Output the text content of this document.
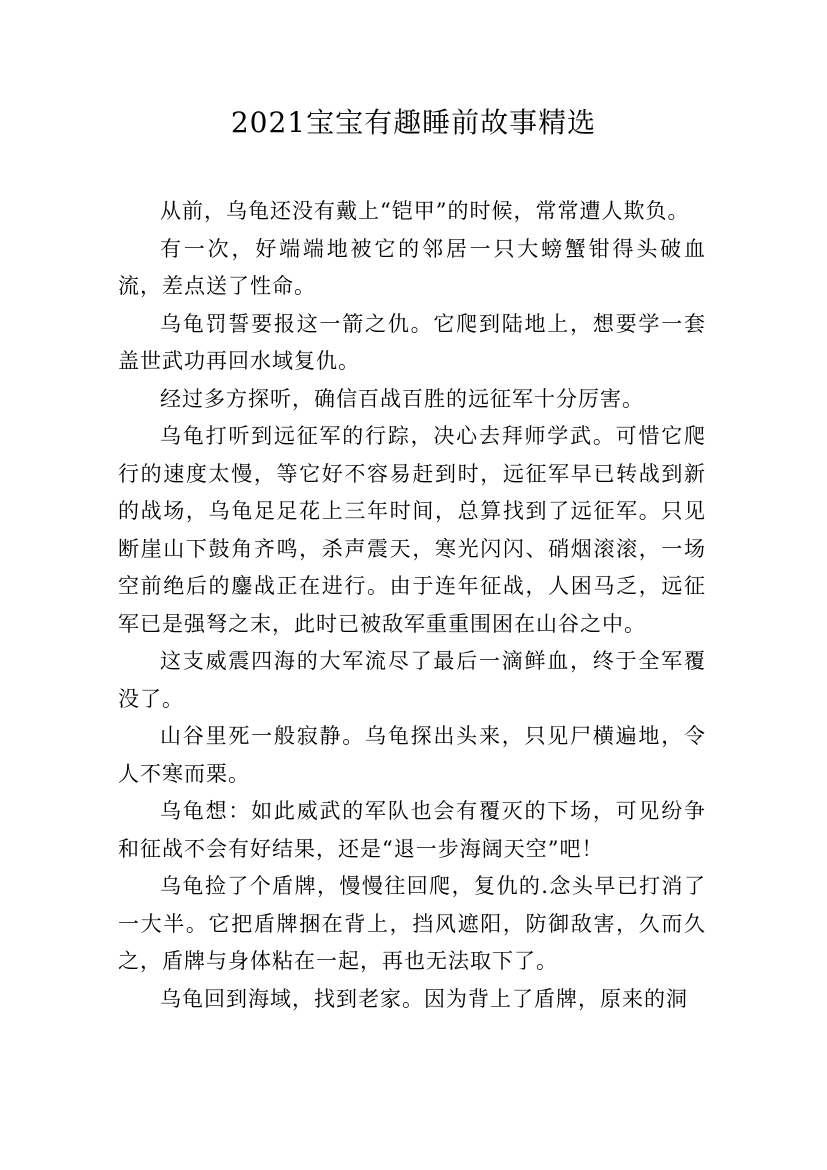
2021宝宝有趣睡前故事精选

从前，乌龟还没有戴上“铠甲”的时候，常常遭人欺负。

有一次，好端端地被它的邻居一只大螃蟹钳得头破血流，差点送了性命。

乌龟罚誓要报这一箭之仇。它爬到陆地上，想要学一套盖世武功再回水域复仇。

经过多方探听，确信百战百胜的远征军十分厉害。

乌龟打听到远征军的行踪，决心去拜师学武。可惜它爬行的速度太慢，等它好不容易赶到时，远征军早已转战到新的战场，乌龟足足花上三年时间，总算找到了远征军。只见断崖山下鼓角齐鸣，杀声震天，寒光闪闪、硝烟滚滚，一场空前绝后的鏖战正在进行。由于连年征战，人困马乏，远征军已是强弩之末，此时已被敌军重重围困在山谷之中。

这支威震四海的大军流尽了最后一滴鲜血，终于全军覆没了。

山谷里死一般寂静。乌龟探出头来，只见尸横遍地，令人不寒而栗。

乌龟想：如此威武的军队也会有覆灭的下场，可见纷争和征战不会有好结果，还是“退一步海阔天空”吧！

乌龟捡了个盾牌，慢慢往回爬，复仇的.念头早已打消了一大半。它把盾牌捆在背上，挡风遮阳，防御敌害，久而久之，盾牌与身体粘在一起，再也无法取下了。

乌龟回到海域，找到老家。因为背上了盾牌，原来的洞
